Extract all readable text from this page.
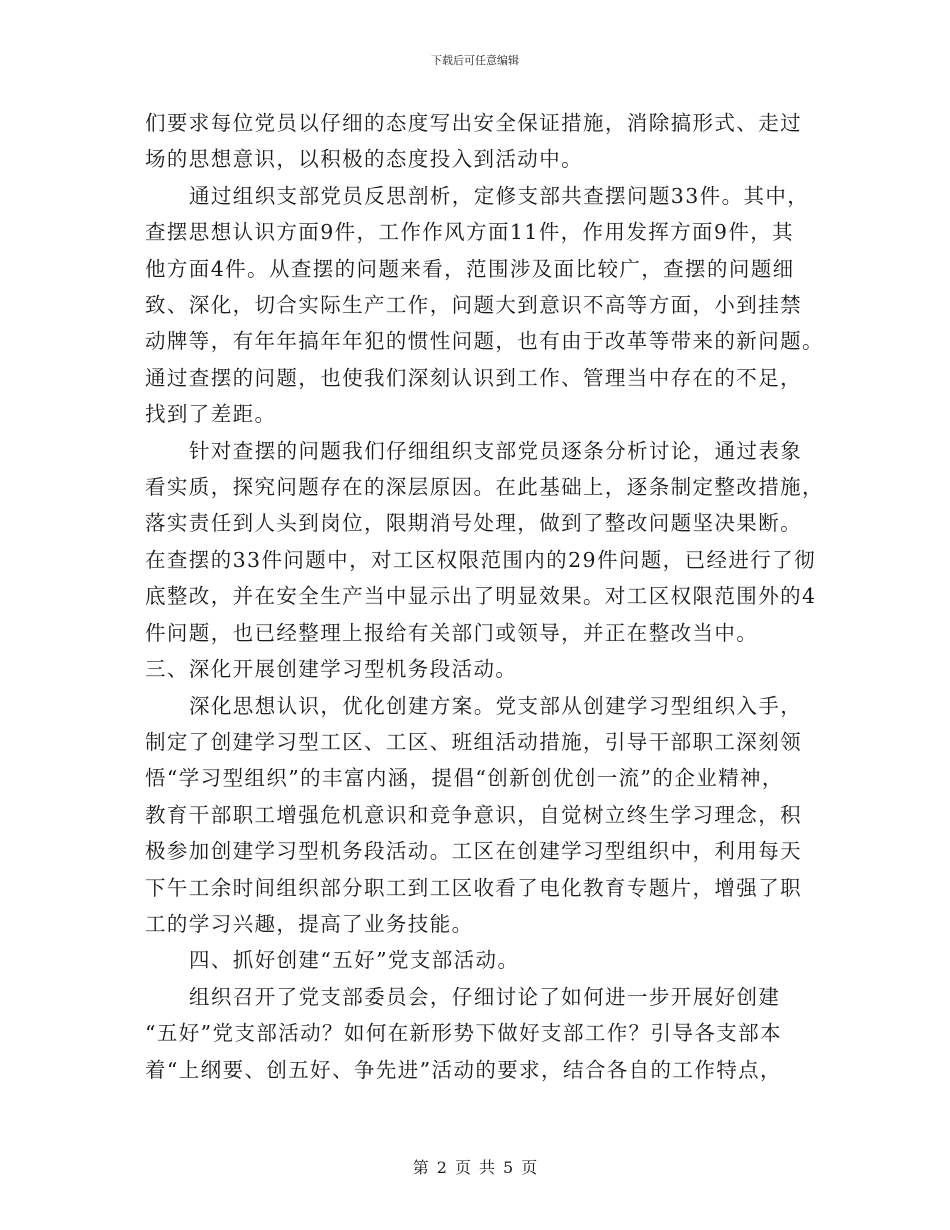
下载后可任意编辑
们要求每位党员以仔细的态度写出安全保证措施，消除搞形式、走过
场的思想意识，以积极的态度投入到活动中。
通过组织支部党员反思剖析，定修支部共查摆问题33件。其中，
查摆思想认识方面9件，工作作风方面11件，作用发挥方面9件，其
他方面4件。从查摆的问题来看，范围涉及面比较广，查摆的问题细
致、深化，切合实际生产工作，问题大到意识不高等方面，小到挂禁
动牌等，有年年搞年年犯的惯性问题，也有由于改革等带来的新问题。
通过查摆的问题，也使我们深刻认识到工作、管理当中存在的不足，
找到了差距。
针对查摆的问题我们仔细组织支部党员逐条分析讨论，通过表象
看实质，探究问题存在的深层原因。在此基础上，逐条制定整改措施，
落实责任到人头到岗位，限期消号处理，做到了整改问题坚决果断。
在查摆的33件问题中，对工区权限范围内的29件问题，已经进行了彻
底整改，并在安全生产当中显示出了明显效果。对工区权限范围外的4
件问题，也已经整理上报给有关部门或领导，并正在整改当中。
三、深化开展创建学习型机务段活动。
深化思想认识，优化创建方案。党支部从创建学习型组织入手，
制定了创建学习型工区、工区、班组活动措施，引导干部职工深刻领
悟“学习型组织”的丰富内涵，提倡“创新创优创一流”的企业精神，
教育干部职工增强危机意识和竞争意识，自觉树立终生学习理念，积
极参加创建学习型机务段活动。工区在创建学习型组织中，利用每天
下午工余时间组织部分职工到工区收看了电化教育专题片，增强了职
工的学习兴趣，提高了业务技能。
四、抓好创建“五好”党支部活动。
组织召开了党支部委员会，仔细讨论了如何进一步开展好创建
“五好”党支部活动？如何在新形势下做好支部工作？引导各支部本
着“上纲要、创五好、争先进”活动的要求，结合各自的工作特点，
第 2 页 共 5 页
